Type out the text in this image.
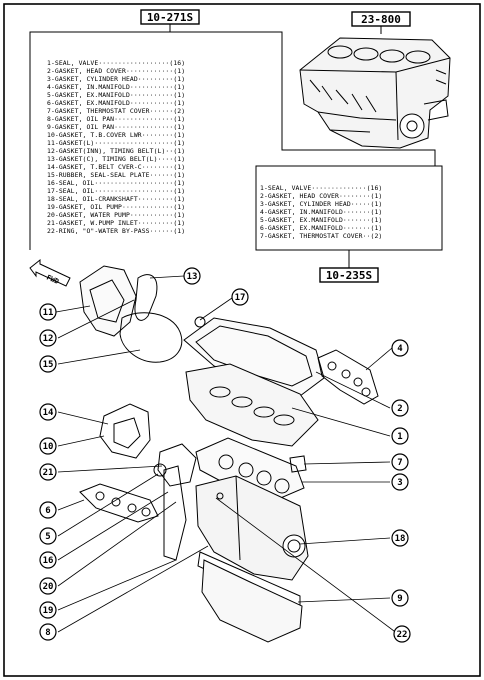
10-271S	23-800
1-SEAL, VALVE··················(16)
2-GASKET, HEAD COVER············(1)
3-GASKET, CYLINDER HEAD·········(1)
4-GASKET, IN.MANIFOLD···········(1)
5-GASKET, EX.MANIFOLD···········(1)
6-GASKET, EX.MANIFOLD···········(1)
7-GASKET, THERMOSTAT COVER······(2)
8-GASKET, OIL PAN···············(1)
9-GASKET, OIL PAN···············(1)
10-GASKET, T.B.COVER LWR········(1)
11-GASKET(L)····················(1)
12-GASKET(INN), TIMING BELT(L)··(1)
13-GASKET(C), TIMING BELT(L)····(1)
14-GASKET, T.BELT CVER-C········(1)
15-RUBBER, SEAL-SEAL PLATE······(1)
16-SEAL, OIL····················(1)
17-SEAL, OIL····················(1)
18-SEAL, OIL-CRANKSHAFT·········(1)
19-GASKET, OIL PUMP·············(1)
20-GASKET, WATER PUMP···········(1)
21-GASKET, W.PUMP INLET·········(1)
22-RING, "O"-WATER BY-PASS······(1)
1-SEAL, VALVE··············(16)
2-GASKET, HEAD COVER········(1)
3-GASKET, CYLINDER HEAD·····(1)
4-GASKET, IN.MANIFOLD·······(1)
5-GASKET, EX.MANIFOLD·······(1)
6-GASKET, EX.MANIFOLD·······(1)
7-GASKET, THERMOSTAT COVER··(2)
10-235S
FWD	13
11
17
12
15
4
14	2
10
1
7
21
3
6
18
5
16
20
9
19
8	22
